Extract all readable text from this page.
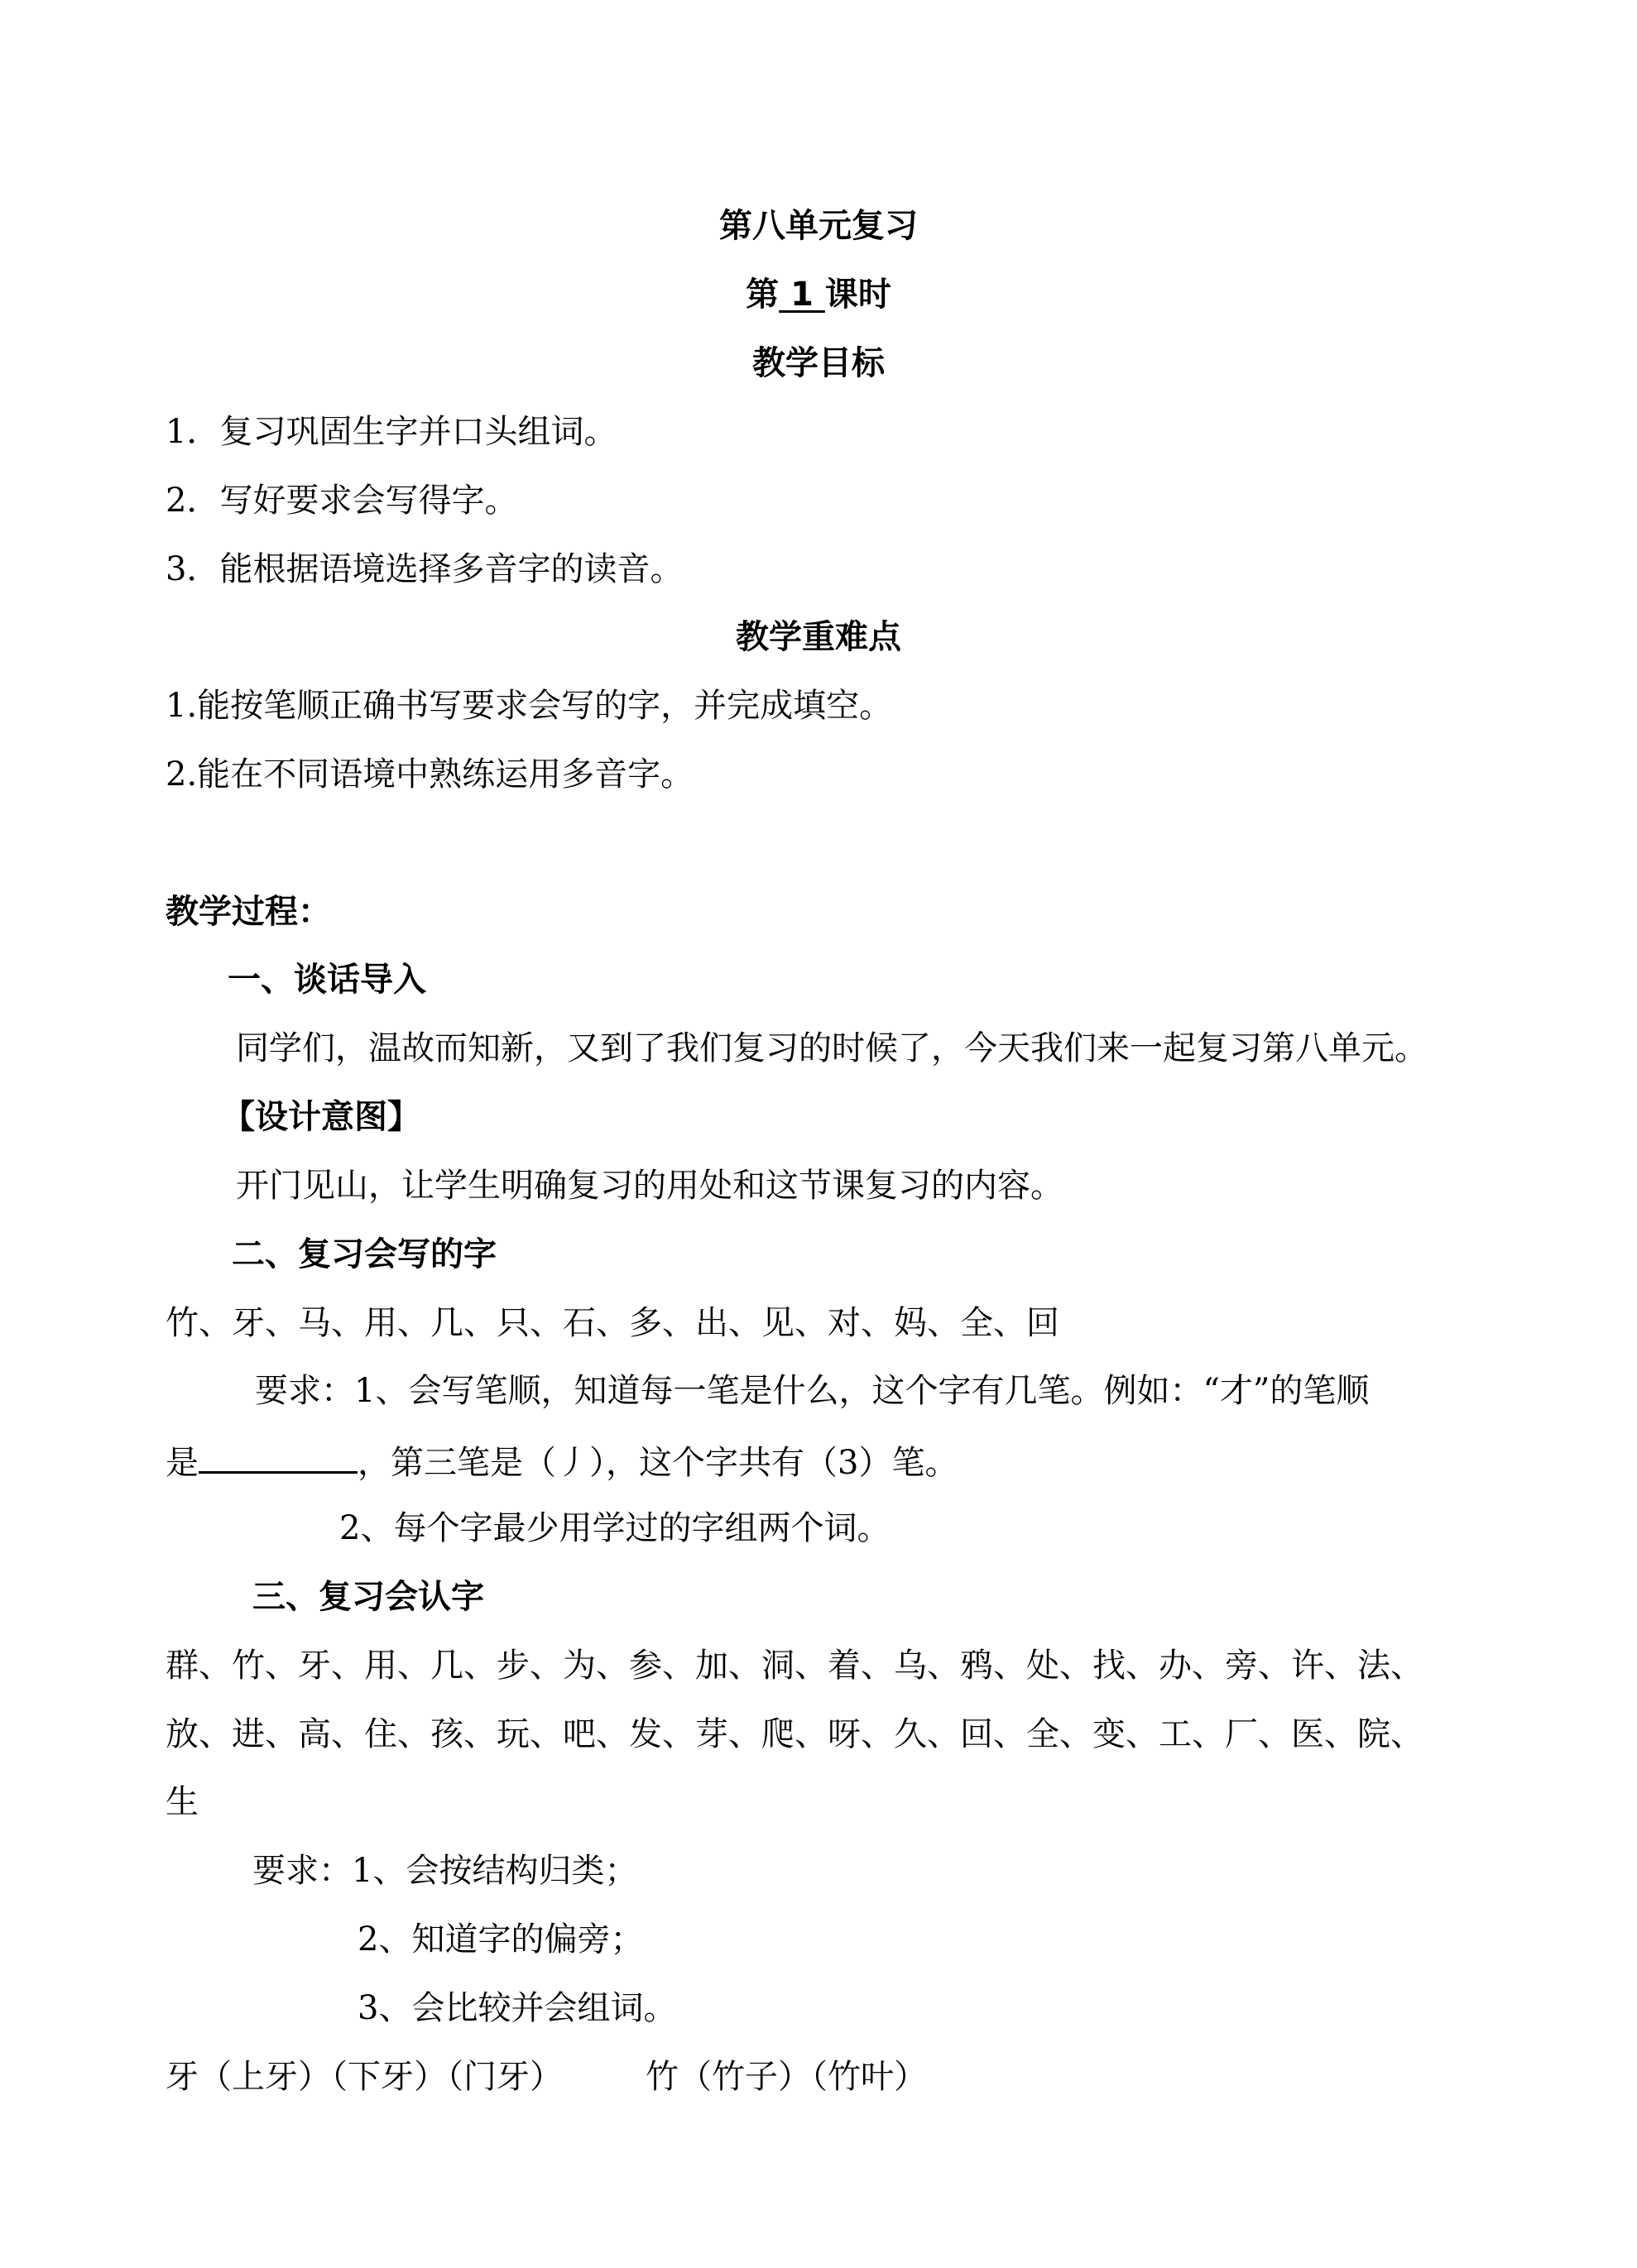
第八单元复习

第 1 课时

教学目标

1．复习巩固生字并口头组词。

2．写好要求会写得字。

3．能根据语境选择多音字的读音。

教学重难点

1.能按笔顺正确书写要求会写的字，并完成填空。

2.能在不同语境中熟练运用多音字。

教学过程：

一、谈话导入

同学们，温故而知新，又到了我们复习的时候了，今天我们来一起复习第八单元。

【设计意图】

开门见山，让学生明确复习的用处和这节课复习的内容。

二、复习会写的字

竹、牙、马、用、几、只、石、多、出、见、对、妈、全、回

要求：1、会写笔顺，知道每一笔是什么，这个字有几笔。例如：“才”的笔顺

是	，第三笔是（丿），这个字共有（3）笔。

2、每个字最少用学过的字组两个词。

三、复习会认字

群、竹、牙、用、几、步、为、参、加、洞、着、乌、鸦、处、找、办、旁、许、法、

放、进、高、住、孩、玩、吧、发、芽、爬、呀、久、回、全、变、工、厂、医、院、

生

要求：1、会按结构归类；

2、知道字的偏旁；

3、会比较并会组词。

牙（上牙）（下牙）（门牙）	竹（竹子）（竹叶）
